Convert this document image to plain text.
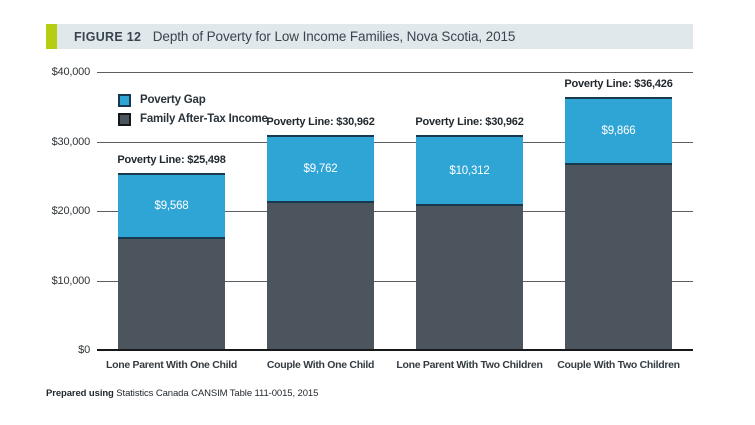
FIGURE 12 Depth of Poverty for Low Income Families, Nova Scotia, 2015
Poverty Gap
Family After-Tax Income
$0
$10,000
$20,000
$30,000
$40,000
$9,568
Poverty Line: $25,498
Lone Parent With One Child
$9,762
Poverty Line: $30,962
Couple With One Child
$10,312
Poverty Line: $30,962
Lone Parent With Two Children
$9,866
Poverty Line: $36,426
Couple With Two Children
Prepared using Statistics Canada CANSIM Table 111-0015, 2015
